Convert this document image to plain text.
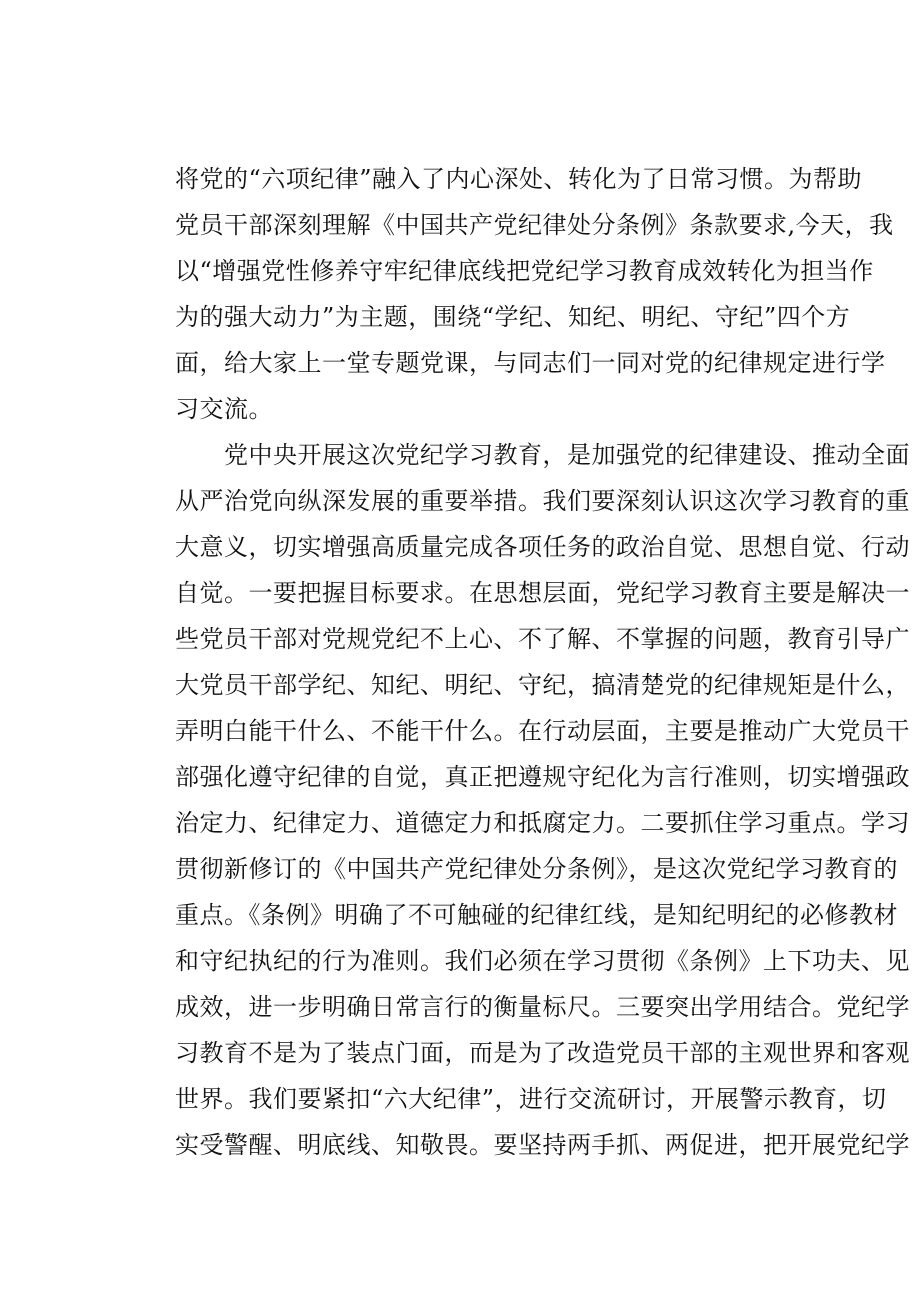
将党的“六项纪律”融入了内心深处、转化为了日常习惯。为帮助
党员干部深刻理解《中国共产党纪律处分条例》条款要求,今天，我
以“增强党性修养守牢纪律底线把党纪学习教育成效转化为担当作
为的强大动力”为主题，围绕“学纪、知纪、明纪、守纪”四个方
面，给大家上一堂专题党课，与同志们一同对党的纪律规定进行学
习交流。
　　党中央开展这次党纪学习教育，是加强党的纪律建设、推动全面
从严治党向纵深发展的重要举措。我们要深刻认识这次学习教育的重
大意义，切实增强高质量完成各项任务的政治自觉、思想自觉、行动
自觉。一要把握目标要求。在思想层面，党纪学习教育主要是解决一
些党员干部对党规党纪不上心、不了解、不掌握的问题，教育引导广
大党员干部学纪、知纪、明纪、守纪，搞清楚党的纪律规矩是什么，
弄明白能干什么、不能干什么。在行动层面，主要是推动广大党员干
部强化遵守纪律的自觉，真正把遵规守纪化为言行准则，切实增强政
治定力、纪律定力、道德定力和抵腐定力。二要抓住学习重点。学习
贯彻新修订的《中国共产党纪律处分条例》，是这次党纪学习教育的
重点。《条例》明确了不可触碰的纪律红线，是知纪明纪的必修教材
和守纪执纪的行为准则。我们必须在学习贯彻《条例》上下功夫、见
成效，进一步明确日常言行的衡量标尺。三要突出学用结合。党纪学
习教育不是为了装点门面，而是为了改造党员干部的主观世界和客观
世界。我们要紧扣“六大纪律”，进行交流研讨，开展警示教育，切
实受警醒、明底线、知敬畏。要坚持两手抓、两促进，把开展党纪学
